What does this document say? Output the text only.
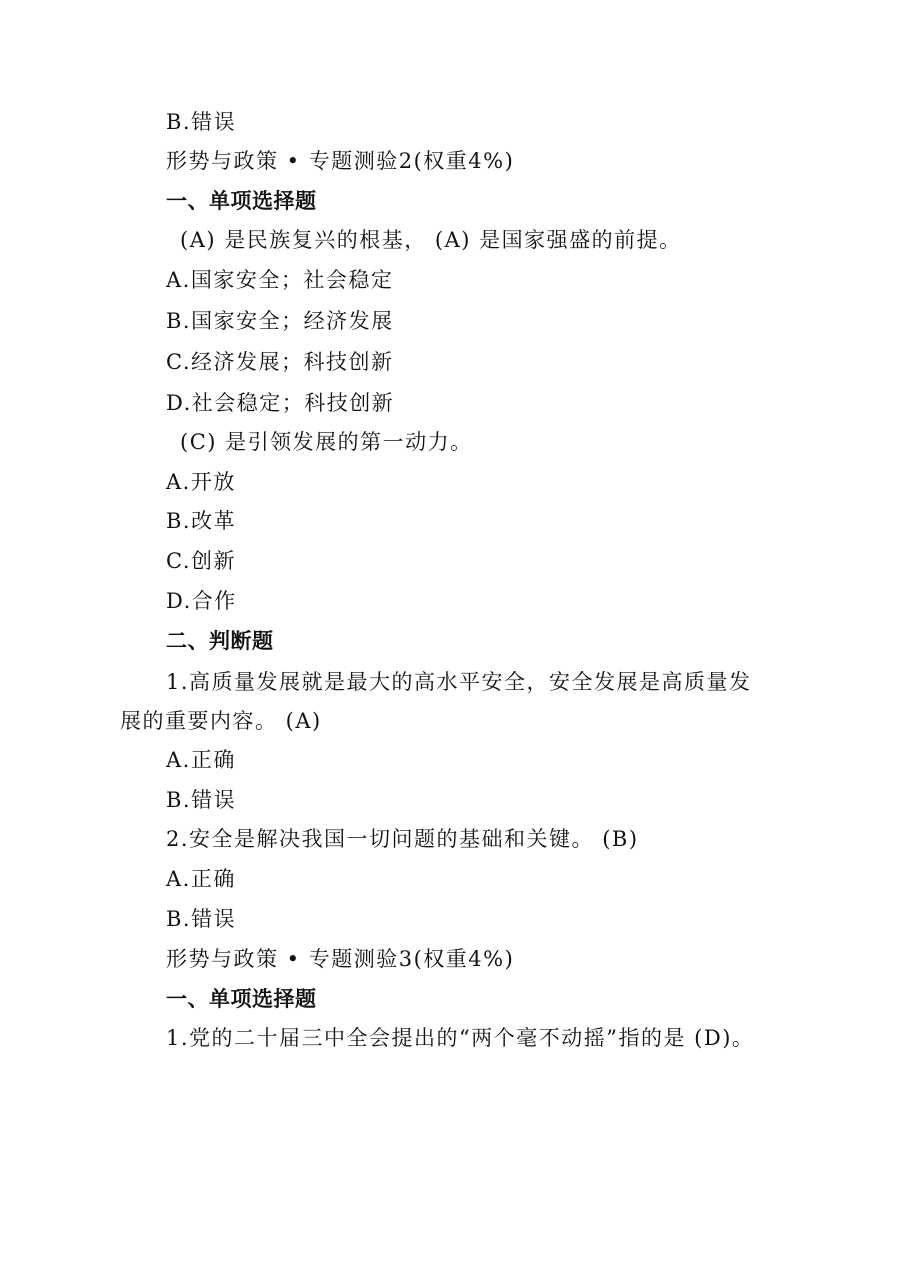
B.错误
形势与政策 • 专题测验2(权重4%)
一、单项选择题
(A) 是民族复兴的根基， (A) 是国家强盛的前提。
A.国家安全；社会稳定
B.国家安全；经济发展
C.经济发展；科技创新
D.社会稳定；科技创新
(C) 是引领发展的第一动力。
A.开放
B.改革
C.创新
D.合作
二、判断题
1.高质量发展就是最大的高水平安全，安全发展是高质量发
展的重要内容。 (A)
A.正确
B.错误
2.安全是解决我国一切问题的基础和关键。 (B)
A.正确
B.错误
形势与政策 • 专题测验3(权重4%)
一、单项选择题
1.党的二十届三中全会提出的“两个毫不动摇”指的是 (D)。
